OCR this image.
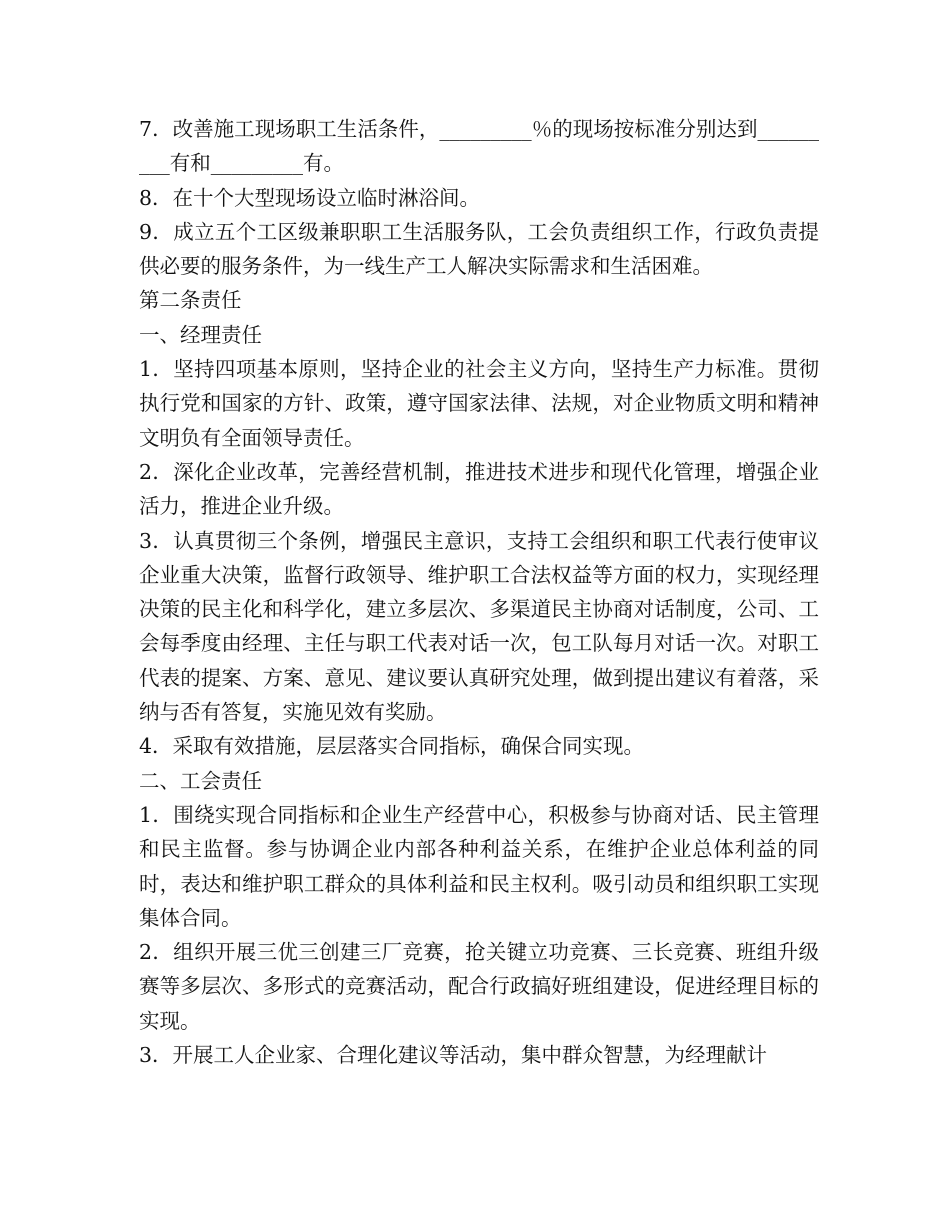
7．改善施工现场职工生活条件，_________％的现场按标准分别达到_________有和_________有。

8．在十个大型现场设立临时淋浴间。

9．成立五个工区级兼职职工生活服务队，工会负责组织工作，行政负责提供必要的服务条件，为一线生产工人解决实际需求和生活困难。

第二条责任

一、经理责任

1．坚持四项基本原则，坚持企业的社会主义方向，坚持生产力标准。贯彻执行党和国家的方针、政策，遵守国家法律、法规，对企业物质文明和精神文明负有全面领导责任。

2．深化企业改革，完善经营机制，推进技术进步和现代化管理，增强企业活力，推进企业升级。

3．认真贯彻三个条例，增强民主意识，支持工会组织和职工代表行使审议企业重大决策，监督行政领导、维护职工合法权益等方面的权力，实现经理决策的民主化和科学化，建立多层次、多渠道民主协商对话制度，公司、工会每季度由经理、主任与职工代表对话一次，包工队每月对话一次。对职工代表的提案、方案、意见、建议要认真研究处理，做到提出建议有着落，采纳与否有答复，实施见效有奖励。

4．采取有效措施，层层落实合同指标，确保合同实现。

二、工会责任

1．围绕实现合同指标和企业生产经营中心，积极参与协商对话、民主管理和民主监督。参与协调企业内部各种利益关系，在维护企业总体利益的同时，表达和维护职工群众的具体利益和民主权利。吸引动员和组织职工实现集体合同。

2．组织开展三优三创建三厂竞赛，抢关键立功竞赛、三长竞赛、班组升级赛等多层次、多形式的竞赛活动，配合行政搞好班组建设，促进经理目标的实现。

3．开展工人企业家、合理化建议等活动，集中群众智慧，为经理献计
